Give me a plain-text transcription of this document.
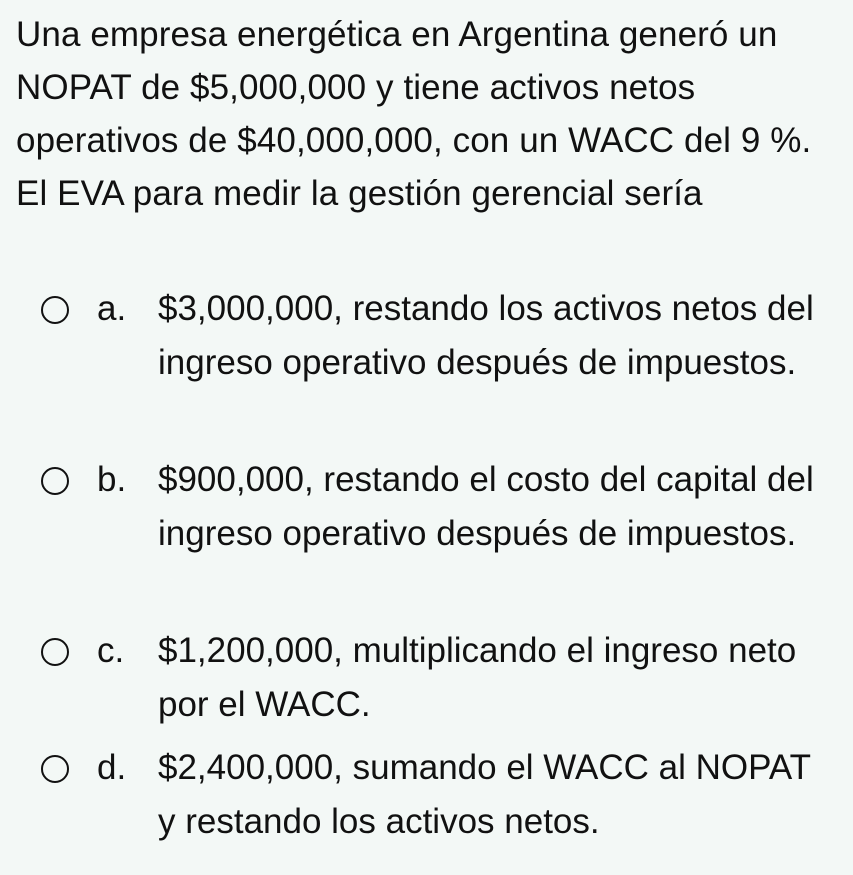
Una empresa energética en Argentina generó un NOPAT de $5,000,000 y tiene activos netos operativos de $40,000,000, con un WACC del 9 %. El EVA para medir la gestión gerencial sería

a. $3,000,000, restando los activos netos del ingreso operativo después de impuestos.
b. $900,000, restando el costo del capital del ingreso operativo después de impuestos.
c. $1,200,000, multiplicando el ingreso neto por el WACC.
d. $2,400,000, sumando el WACC al NOPAT y restando los activos netos.
